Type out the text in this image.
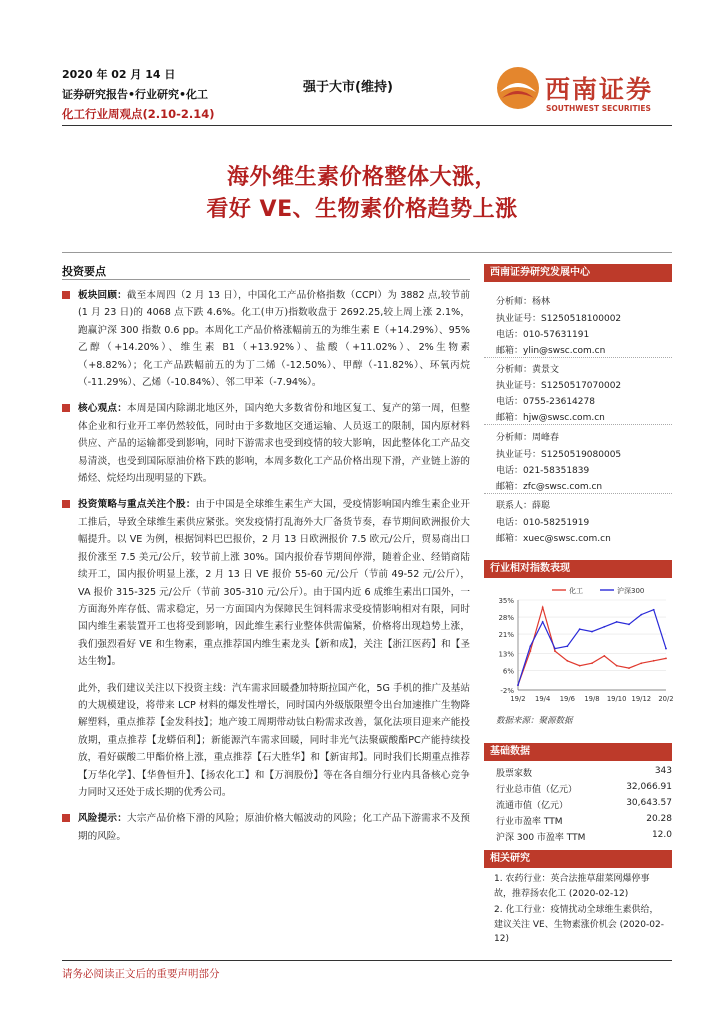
2020 年 02 月 14 日
证券研究报告•行业研究•化工
化工行业周观点(2.10-2.14)
强于大市(维持)	西南证券
SOUTHWEST SECURITIES
海外维生素价格整体大涨，
看好 VE、生物素价格趋势上涨
投资要点
板块回顾：截至本周四（2 月 13 日），中国化工产品价格指数（CCPI）为 3882 点,较节前(1 月 23 日)的 4068 点下跌 4.6%。化工(申万)指数收盘于 2692.25,较上周上涨 2.1%，跑赢沪深 300 指数 0.6 pp。本周化工产品价格涨幅前五的为维生素 E（+14.29%）、95%乙醇（+14.20%）、维生素 B1（+13.92%）、盐酸（+11.02%）、2%生物素（+8.82%）；化工产品跌幅前五的为丁二烯（-12.50%）、甲醇（-11.82%）、环氧丙烷（-11.29%）、乙烯（-10.84%）、邻二甲苯（-7.94%）。
核心观点：本周是国内除湖北地区外，国内绝大多数省份和地区复工、复产的第一周，但整体企业和行业开工率仍然较低，同时由于多数地区交通运输、人员返工的限制，国内原材料供应、产品的运输都受到影响，同时下游需求也受到疫情的较大影响，因此整体化工产品交易清淡，也受到国际原油价格下跌的影响，本周多数化工产品价格出现下滑，产业链上游的烯烃、烷烃均出现明显的下跌。
投资策略与重点关注个股：由于中国是全球维生素生产大国，受疫情影响国内维生素企业开工推后，导致全球维生素供应紧张。突发疫情打乱海外大厂备货节奏，春节期间欧洲报价大幅提升。以 VE 为例，根据饲料巴巴报价，2 月 13 日欧洲报价 7.5 欧元/公斤，贸易商出口报价涨至 7.5 美元/公斤，较节前上涨 30%。国内报价春节期间停滞，随着企业、经销商陆续开工，国内报价明显上涨，2 月 13 日 VE 报价 55-60 元/公斤（节前 49-52 元/公斤），VA 报价 315-325 元/公斤（节前 305-310 元/公斤）。由于国内近 6 成维生素出口国外，一方面海外库存低、需求稳定，另一方面国内为保障民生饲料需求受疫情影响相对有限，同时国内维生素装置开工也将受到影响，因此维生素行业整体供需偏紧，价格将出现趋势上涨，我们强烈看好 VE 和生物素，重点推荐国内维生素龙头【新和成】，关注【浙江医药】和【圣达生物】。
此外，我们建议关注以下投资主线：汽车需求回暖叠加特斯拉国产化，5G 手机的推广及基站的大规模建设，将带来 LCP 材料的爆发性增长，同时国内外级版限塑令出台加速推广生物降解塑料，重点推荐【金发科技】；地产竣工周期带动钛白粉需求改善，氯化法项目迎来产能投放期，重点推荐【龙蟒佰利】；新能源汽车需求回暖，同时非光气法聚碳酸酯PC产能持续投放，看好碳酸二甲酯价格上涨，重点推荐【石大胜华】和【新宙邦】。同时我们长期重点推荐【万华化学】、【华鲁恒升】、【扬农化工】和【万润股份】等在各自细分行业内具备核心竞争力同时又还处于成长期的优秀公司。
风险提示：大宗产品价格下滑的风险；原油价格大幅波动的风险；化工产品下游需求不及预期的风险。
西南证券研究发展中心
分析师：杨林
执业证号：S1250518100002
电话：010-57631191
邮箱：ylin@swsc.com.cn
分析师：黄景文
执业证号：S1250517070002
电话：0755-23614278
邮箱：hjw@swsc.com.cn
分析师：周峰春
执业证号：S1250519080005
电话：021-58351839
邮箱：zfc@swsc.com.cn
联系人：薛聪
电话：010-58251919
邮箱：xuec@swsc.com.cn
行业相对指数表现
35%
28%
21%
13%
6%
-2%
19/2 19/4 19/6 19/8 19/10 19/12 20/2
化工	沪深300
数据来源：聚源数据
基础数据
股票家数	343
行业总市值（亿元）	32,066.91
流通市值（亿元）	30,643.57
行业市盈率 TTM	20.28
沪深 300 市盈率 TTM	12.0
相关研究
1. 农药行业：英合法推草甜菜网爆停事故，推荐扬农化工 (2020-02-12)
2. 化工行业：疫情扰动全球维生素供给，建议关注 VE、生物素涨价机会 (2020-02-12)
请务必阅读正文后的重要声明部分
